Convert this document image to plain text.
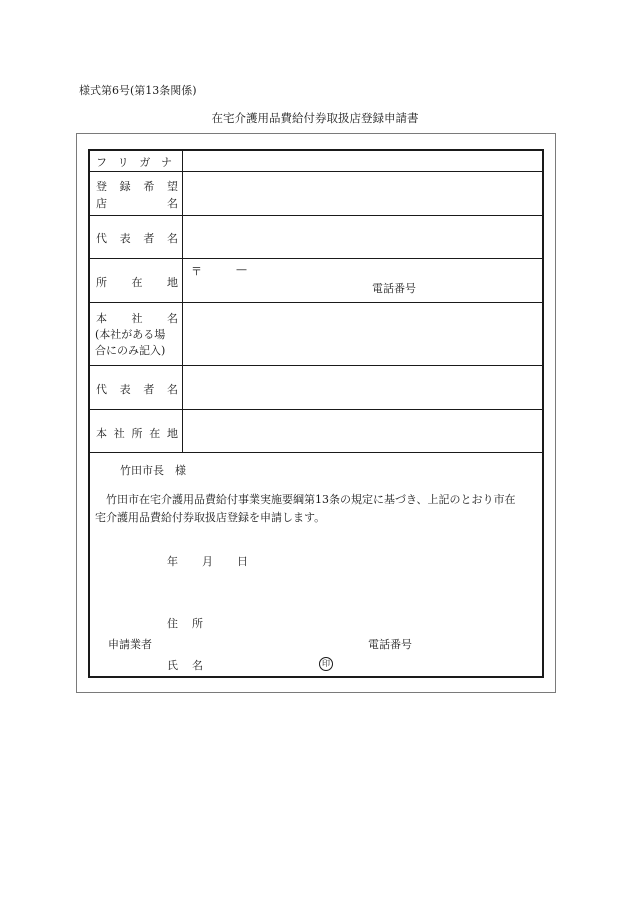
様式第6号(第13条関係)
在宅介護用品費給付券取扱店登録申請書
フ リ ガ ナ
登 録 希 望
店	名
代 表 者 名
所 在 地
〒	—
電話番号
本 社 名
(本社がある場
合にのみ記入)
代 表 者 名
本 社 所 在 地
竹田市長　様
竹田市在宅介護用品費給付事業実施要綱第13条の規定に基づき、上記のとおり市在
宅介護用品費給付券取扱店登録を申請します。
年 月 日
住 所
申請業者	電話番号
氏 名	印
